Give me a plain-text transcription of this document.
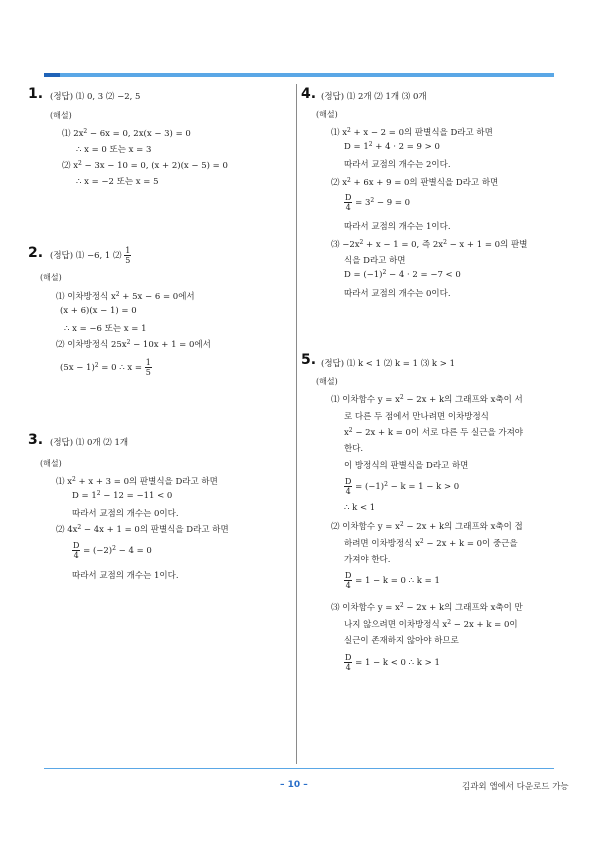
1. (정답) ⑴ 0, 3 ⑵ −2, 5
(해설)
⑴ $2x^2 - 6x = 0$, 2x(x − 3) = 0
∴ x = 0 또는 x = 3
⑵ $x^2 - 3x - 10 = 0$, (x + 2)(x − 5) = 0
∴ x = −2 또는 x = 5
2. (정답) ⑴ −6, 1 ⑵ $\frac{1}{5}$
(해설)
⑴ 이차방정식 $x^2 + 5x - 6 = 0$에서
(x + 6)(x − 1) = 0
∴ x = −6 또는 x = 1
⑵ 이차방정식 $25x^2 - 10x + 1 = 0$에서
$(5x - 1)^2 = 0$ ∴ $x = \frac{1}{5}$
3. (정답) ⑴ 0개 ⑵ 1개
(해설)
⑴ $x^2 + x + 3 = 0$의 판별식을 D라고 하면
$D = 1^2 - 12 = -11 < 0$
따라서 교점의 개수는 0이다.
⑵ $4x^2 - 4x + 1 = 0$의 판별식을 D라고 하면
$\frac{D}{4} = (-2)^2 - 4 = 0$
따라서 교점의 개수는 1이다.
4. (정답) ⑴ 2개 ⑵ 1개 ⑶ 0개
(해설)
⑴ $x^2 + x - 2 = 0$의 판별식을 D라고 하면
$D = 1^2 + 4 \cdot 2 = 9 > 0$
따라서 교점의 개수는 2이다.
⑵ $x^2 + 6x + 9 = 0$의 판별식을 D라고 하면
$\frac{D}{4} = 3^2 - 9 = 0$
따라서 교점의 개수는 1이다.
⑶ $-2x^2 + x - 1 = 0$, 즉 $2x^2 - x + 1 = 0$의 판별
식을 D라고 하면
$D = (-1)^2 - 4 \cdot 2 = -7 < 0$
따라서 교점의 개수는 0이다.
5. (정답) ⑴ k < 1 ⑵ k = 1 ⑶ k > 1
(해설)
⑴ 이차함수 $y = x^2 - 2x + k$의 그래프와 x축이 서
로 다른 두 점에서 만나려면 이차방정식
$x^2 - 2x + k = 0$이 서로 다른 두 실근을 가져야
한다.
이 방정식의 판별식을 D라고 하면
$\frac{D}{4} = (-1)^2 - k = 1 - k > 0$
∴ k < 1
⑵ 이차함수 $y = x^2 - 2x + k$의 그래프와 x축이 접
하려면 이차방정식 $x^2 - 2x + k = 0$이 중근을
가져야 한다.
$\frac{D}{4} = 1 - k = 0$ ∴ k = 1
⑶ 이차함수 $y = x^2 - 2x + k$의 그래프와 x축이 만
나지 않으려면 이차방정식 $x^2 - 2x + k = 0$이
실근이 존재하지 않아야 하므로
$\frac{D}{4} = 1 - k < 0$ ∴ k > 1
– 10 –	김과외 앱에서 다운로드 가능
